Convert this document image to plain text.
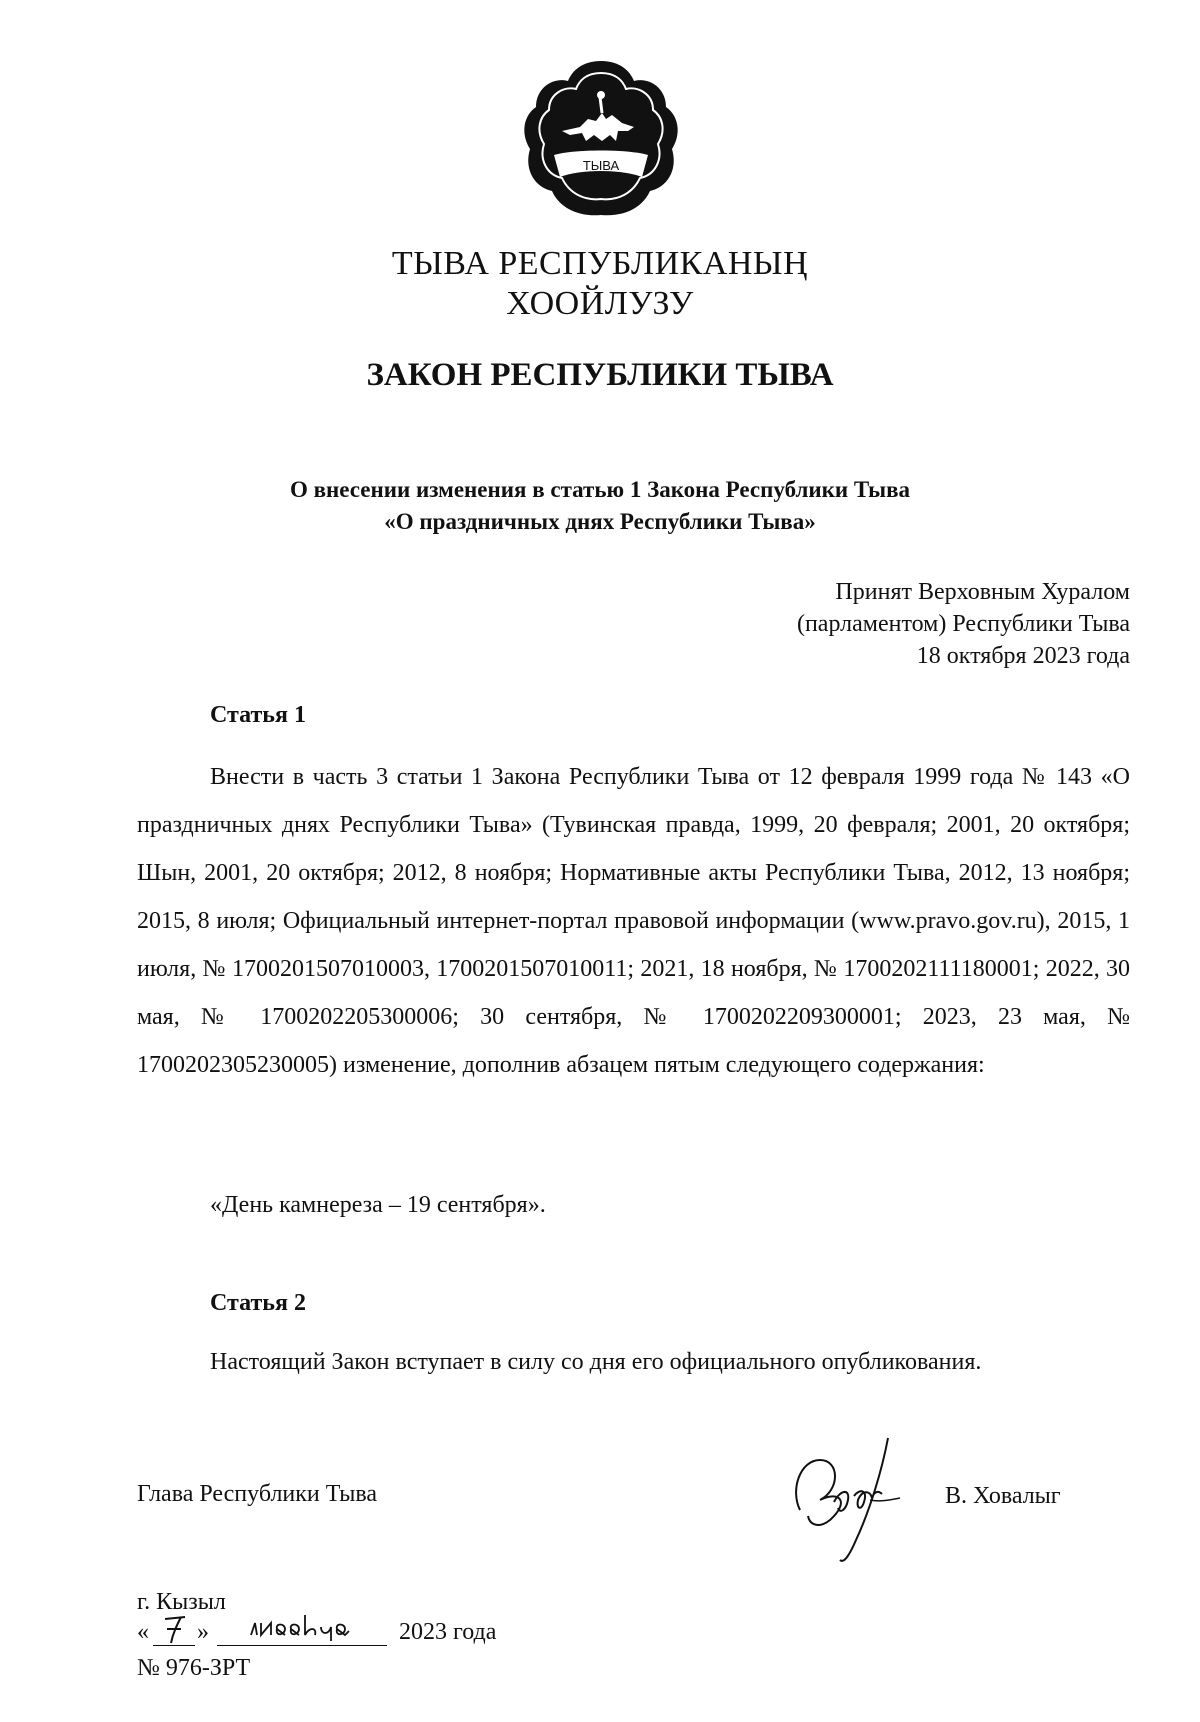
ТЫВА
ТЫВА РЕСПУБЛИКАНЫҢ
ХООЙЛУЗУ
ЗАКОН РЕСПУБЛИКИ ТЫВА
О внесении изменения в статью 1 Закона Республики Тыва
«О праздничных днях Республики Тыва»
Принят Верховным Хуралом
(парламентом) Республики Тыва
18 октября 2023 года
Статья 1
Внести в часть 3 статьи 1 Закона Республики Тыва от 12 февраля 1999 года № 143 «О праздничных днях Республики Тыва» (Тувинская правда, 1999, 20 февраля; 2001, 20 октября; Шын, 2001, 20 октября; 2012, 8 ноября; Нормативные акты Республики Тыва, 2012, 13 ноября; 2015, 8 июля; Официальный интернет-портал правовой информации (www.pravo.gov.ru), 2015, 1 июля, № 1700201507010003, 1700201507010011; 2021, 18 ноября, № 1700202111180001; 2022, 30 мая, № 1700202205300006; 30 сентября, № 1700202209300001; 2023, 23 мая, № 1700202305230005) изменение, дополнив абзацем пятым следующего содержания:
«День камнереза – 19 сентября».
Статья 2
Настоящий Закон вступает в силу со дня его официального опубликования.
Глава Республики Тыва	В. Ховалыг
г. Кызыл
« »	2023 года
№ 976-ЗРТ
